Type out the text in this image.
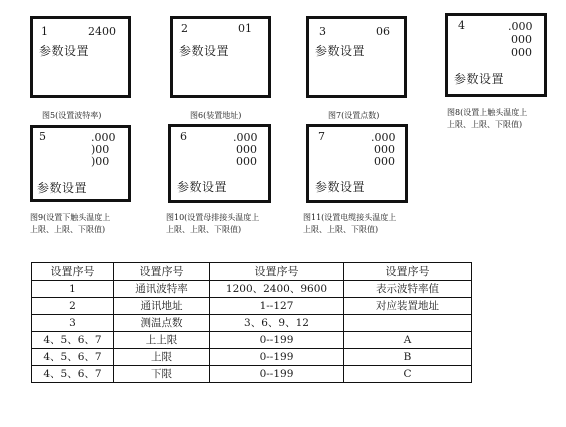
1	2400
参数设置
图5(设置波特率)
2	01
参数设置
图6(装置地址)
3	06
参数设置
图7(设置点数)
4	.000
000
000
参数设置
图8(设置上触头温度上
上限、上限、下限值)
5	.000
)00
)00
参数设置
图9(设置下触头温度上
上限、上限、下限值)
6	.000
000
000
参数设置
图10(设置母排接头温度上
上限、上限、下限值)
7	.000
000
000
参数设置
图11(设置电缆接头温度上
上限、上限、下限值)
设置序号	设置序号	设置序号	设置序号
1	通讯波特率	1200、2400、9600	表示波特率值
2	通讯地址	1--127	对应装置地址
3	测温点数	3、6、9、12	
4、5、6、7	上上限	0--199	A
4、5、6、7	上限	0--199	B
4、5、6、7	下限	0--199	C
